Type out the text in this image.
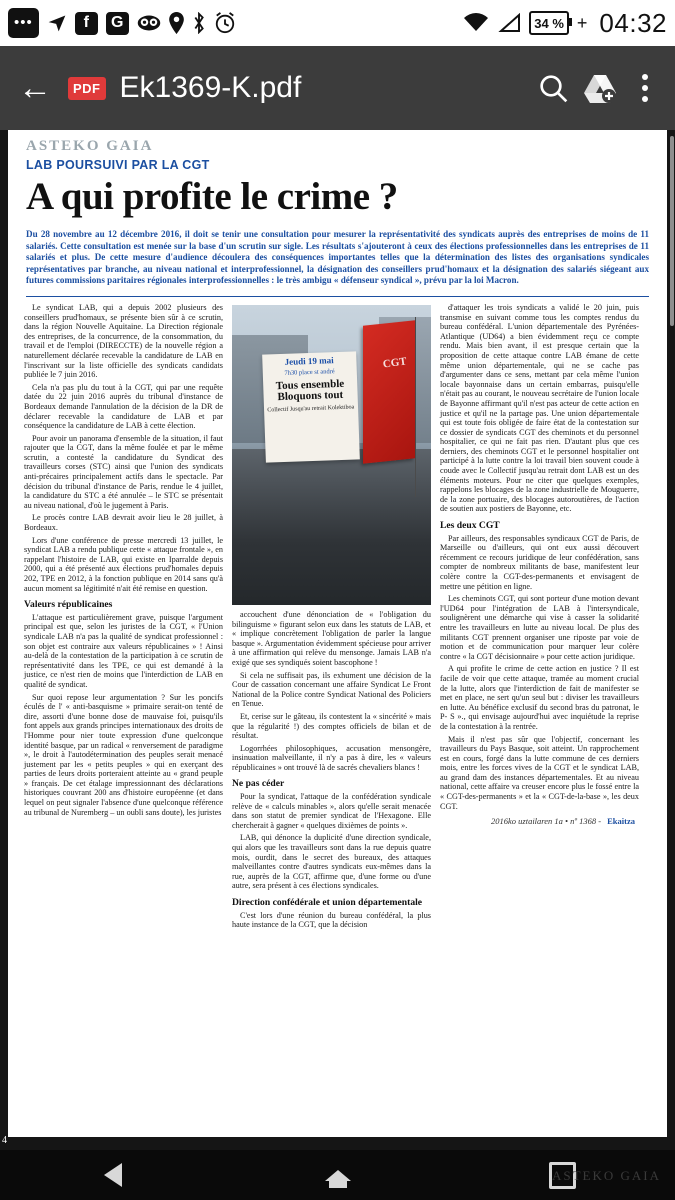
•••	f	G	34 % + 04:32
←	PDF Ek1369-K.pdf
ASTEKO GAIA
LAB POURSUIVI PAR LA CGT
A qui profite le crime ?
Du 28 novembre au 12 décembre 2016, il doit se tenir une consultation pour mesurer la représentativité des syndicats auprès des entreprises de moins de 11 salariés. Cette consultation est menée sur la base d'un scrutin sur sigle. Les résultats s'ajouteront à ceux des élections professionnelles dans les entreprises de 11 salariés et plus. De cette mesure d'audience découlera des conséquences importantes telles que la détermination des listes des organisations syndicales représentatives par branche, au niveau national et interprofessionnel, la désignation des conseillers prud'homaux et la désignation des salariés siégeant aux futures commissions paritaires régionales interprofessionnelles : le très ambigu « défenseur syndical », prévu par la loi Macron.

Le syndicat LAB, qui a depuis 2002 plusieurs des conseillers prud'homaux, se présente bien sûr à ce scrutin, dans la région Nouvelle Aquitaine. La Direction régionale des entreprises, de la concurrence, de la consommation, du travail et de l'emploi (DIRECCTE) de la nouvelle région a naturellement déclarée recevable la candidature de LAB en l'inscrivant sur la liste officielle des syndicats candidats publiée le 7 juin 2016.

Cela n'a pas plu du tout à la CGT, qui par une requête datée du 22 juin 2016 auprès du tribunal d'instance de Bordeaux demande l'annulation de la décision de la DR de déclarer recevable la candidature de LAB et par conséquence la candidature de LAB à cette élection.

Pour avoir un panorama d'ensemble de la situation, il faut rajouter que la CGT, dans la même foulée et par le même scrutin, a contesté la candidature du Syndicat des travailleurs corses (STC) ainsi que l'union des syndicats anti-précaires principalement actifs dans le spectacle. Par décision du tribunal d'instance de Paris, rendue le 4 juillet, la candidature du STC a été annulée – le STC se présentait au niveau national, d'où le jugement à Paris.

Le procès contre LAB devrait avoir lieu le 28 juillet, à Bordeaux.

Lors d'une conférence de presse mercredi 13 juillet, le syndicat LAB a rendu publique cette « attaque frontale », en rappelant l'histoire de LAB, qui existe en Iparralde depuis 2000, qui a été présenté aux élections prud'homales depuis 202, TPE en 2012, à la fonction publique en 2014 sans qu'à aucun moment sa légitimité n'ait été remise en question.

Valeurs républicaines

L'attaque est particulièrement grave, puisque l'argument principal est que, selon les juristes de la CGT, « l'Union syndicale LAB n'a pas la qualité de syndicat professionnel : son objet est contraire aux valeurs républicaines » ! Ainsi au-delà de la contestation de la participation à ce scrutin de représentativité dans les TPE, ce qui est demandé à la justice, ce n'est rien de moins que l'interdiction de LAB en qualité de syndicat.

Sur quoi repose leur argumentation ? Sur les poncifs éculés de l' « anti-basquisme » primaire serait-on tenté de dire, assorti d'une bonne dose de mauvaise foi, puisqu'ils font appels aux grands principes internationaux des droits de l'Homme pour nier toute expression d'une quelconque identité basque, par un radical « renversement de paradigme », le droit à l'autodétermination des peuples serait menacé justement par les « petits peuples » qui en exerçant des parties de leurs droits porteraient atteinte au « grand peuple » français. De cet étalage impressionnant des déclarations historiques couvrant 200 ans d'histoire européenne (et dans lequel on peut signaler l'absence d'une quelconque référence au tribunal de Nuremberg – un oubli sans doute), les juristes

CGT
Jeudi 19 mai
7h30 place st andré
Tous ensemble Bloquons tout
Collectif Jusqu'au retrait Kolektiboa

accouchent d'une dénonciation de « l'obligation du bilinguisme » figurant selon eux dans les statuts de LAB, et « implique concrètement l'obligation de parler la langue basque ». Argumentation évidemment spécieuse pour arriver à une affirmation qui relève du mensonge. Jamais LAB n'a exigé que ses syndiqués soient bascophone !

Si cela ne suffisait pas, ils exhument une décision de la Cour de cassation concernant une affaire Syndicat Le Front National de la Police contre Syndicat National des Policiers en Tenue.

Et, cerise sur le gâteau, ils contestent la « sincérité » mais que la régularité !) des comptes officiels de bilan et de résultat.

Logorrhées philosophiques, accusation mensongère, insinuation malveillante, il n'y a pas à dire, les « valeurs républicaines » ont trouvé là de sacrés chevaliers blancs !

Ne pas céder

Pour la syndicat, l'attaque de la confédération syndicale relève de « calculs minables », alors qu'elle serait menacée dans son statut de premier syndicat de l'Hexagone. Elle chercherait à gagner « quelques dixièmes de points ».

LAB, qui dénonce la duplicité d'une direction syndicale, qui alors que les travailleurs sont dans la rue depuis quatre mois, ourdit, dans le secret des bureaux, des attaques malveillantes contre d'autres syndicats eux-mêmes dans la rue, auprès de la CGT, affirme que, d'une forme ou d'une autre, sera présent à ces élections syndicales.

Direction confédérale et union départementale

C'est lors d'une réunion du bureau confédéral, la plus haute instance de la CGT, que la décision

d'attaquer les trois syndicats a validé le 20 juin, puis transmise en suivant comme tous les comptes rendus du bureau confédéral. L'union départementale des Pyrénées-Atlantique (UD64) a bien évidemment reçu ce compte rendu. Mais bien avant, il est presque certain que la proposition de cette attaque contre LAB émane de cette même union départementale, qui ne se cache pas d'argumenter dans ce sens, mettant par cela même l'union locale bayonnaise dans un certain embarras, puisqu'elle n'était pas au courant, le nouveau secrétaire de l'union locale de Bayonne affirmant qu'il n'est pas acteur de cette action en justice et qu'il ne la partage pas. Une union départementale qui est toute fois obligée de faire état de la contestation sur ce dossier de syndicats CGT des cheminots et du personnel hospitalier, ce qui ne fait pas rien. D'autant plus que ces derniers, des cheminots CGT et le personnel hospitalier ont participé à la lutte contre la loi travail bien souvent coude à coude avec le Collectif jusqu'au retrait dont LAB est un des éléments moteurs. Pour ne citer que quelques exemples, rappelons les blocages de la zone industrielle de Mouguerre, de la zone portuaire, des blocages autoroutières, de l'action de soutien aux postiers de Bayonne, etc.

Les deux CGT

Par ailleurs, des responsables syndicaux CGT de Paris, de Marseille ou d'ailleurs, qui ont eux aussi découvert récemment ce recours juridique de leur confédération, sans compter de nombreux militants de base, manifestent leur colère contre la CGT-des-permanents et envisagent de mettre une pétition en ligne.

Les cheminots CGT, qui sont porteur d'une motion devant l'UD64 pour l'intégration de LAB à l'intersyndicale, soulignèrent une démarche qui vise à casser la solidarité entre les travailleurs en lutte au niveau local. De plus des militants CGT prennent organiser une riposte par voie de motion et de communication pour marquer leur colère contre « la CGT décisionnaire » pour cette action juridique.

A qui profite le crime de cette action en justice ? Il est facile de voir que cette attaque, tramée au moment crucial de la lutte, alors que l'interdiction de fait de manifester se met en place, ne sert qu'un seul but : diviser les travailleurs en lutte. Au bénéfice exclusif du second bras du patronat, le P- S »., qui envisage aujourd'hui avec inquiétude la reprise de la contestation à la rentrée.

Mais il n'est pas sûr que l'objectif, concernant les travailleurs du Pays Basque, soit atteint. Un rapprochement est en cours, forgé dans la lutte commune de ces derniers mois, entre les forces vives de la CGT et le syndicat LAB, au grand dam des instances départementales. Et au niveau national, cette affaire va creuser encore plus le fossé entre la « CGT-des-permanents » et la « CGT-de-la-base », les deux CGT.

2016ko uztailaren 1a • nº 1368 - Ekaitza
4
ASTEKO GAIA
